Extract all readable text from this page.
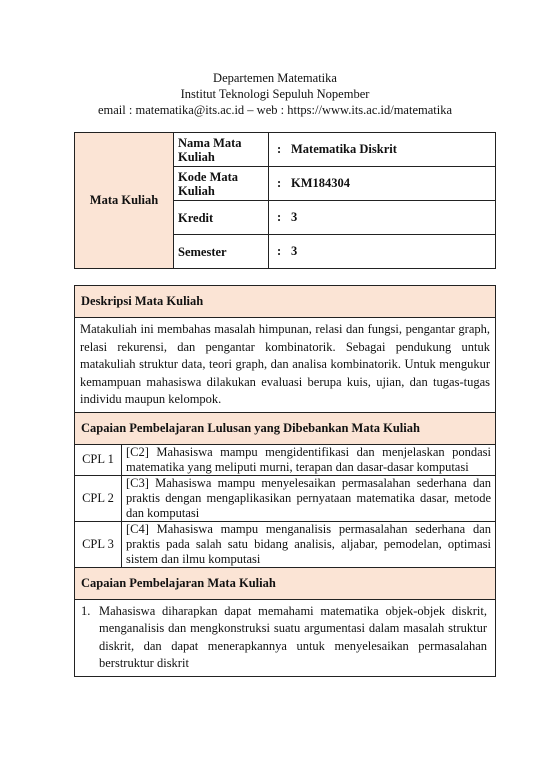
Departemen Matematika
Institut Teknologi Sepuluh Nopember
email : matematika@its.ac.id – web : https://www.its.ac.id/matematika
Mata Kuliah	Nama Mata Kuliah	: Matematika Diskrit
	Kode Mata Kuliah	: KM184304
	Kredit	: 3
	Semester	: 3
Deskripsi Mata Kuliah	
Matakuliah ini membahas masalah himpunan, relasi dan fungsi, pengantar graph, relasi rekurensi, dan pengantar kombinatorik. Sebagai pendukung untuk matakuliah struktur data, teori graph, dan analisa kombinatorik. Untuk mengukur kemampuan mahasiswa dilakukan evaluasi berupa kuis, ujian, dan tugas-tugas individu maupun kelompok.	
Capaian Pembelajaran Lulusan yang Dibebankan Mata Kuliah	
CPL 1	[C2] Mahasiswa mampu mengidentifikasi dan menjelaskan pondasi matematika yang meliputi murni, terapan dan dasar-dasar komputasi
CPL 2	[C3] Mahasiswa mampu menyelesaikan permasalahan sederhana dan praktis dengan mengaplikasikan pernyataan matematika dasar, metode dan komputasi
CPL 3	[C4] Mahasiswa mampu menganalisis permasalahan sederhana dan praktis pada salah satu bidang analisis, aljabar, pemodelan, optimasi sistem dan ilmu komputasi
Capaian Pembelajaran Mata Kuliah	
1. Mahasiswa diharapkan dapat memahami matematika objek-objek diskrit, menganalisis dan mengkonstruksi suatu argumentasi dalam masalah struktur diskrit, dan dapat menerapkannya untuk menyelesaikan permasalahan berstruktur diskrit	
